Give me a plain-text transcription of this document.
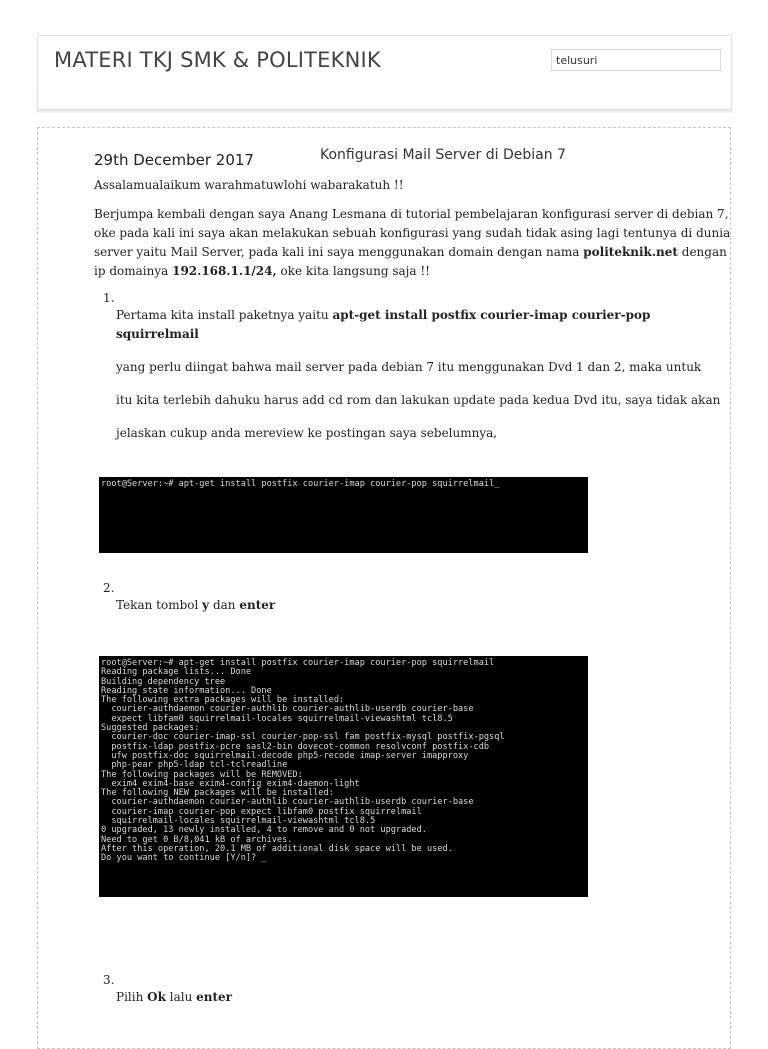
MATERI TKJ SMK & POLITEKNIK
telusuri
29th December 2017	Konfigurasi Mail Server di Debian 7

Assalamualaikum warahmatuwlohi wabarakatuh !!

Berjumpa kembali dengan saya Anang Lesmana di tutorial pembelajaran konfigurasi server di debian 7, oke pada kali ini saya akan melakukan sebuah konfigurasi yang sudah tidak asing lagi tentunya di dunia server yaitu Mail Server, pada kali ini saya menggunakan domain dengan nama politeknik.net dengan ip domainya 192.168.1.1/24, oke kita langsung saja !!

1.

Pertama kita install paketnya yaitu apt-get install postfix courier-imap courier-pop squirrelmail

yang perlu diingat bahwa mail server pada debian 7 itu menggunakan Dvd 1 dan 2, maka untuk

itu kita terlebih dahuku harus add cd rom dan lakukan update pada kedua Dvd itu, saya tidak akan

jelaskan cukup anda mereview ke postingan saya sebelumnya,

root@Server:~# apt-get install postfix courier-imap courier-pop squirrelmail_
2.

Tekan tombol y dan enter

root@Server:~# apt-get install postfix courier-imap courier-pop squirrelmail
Reading package lists... Done
Building dependency tree
Reading state information... Done
The following extra packages will be installed:
courier-authdaemon courier-authlib courier-authlib-userdb courier-base
expect libfam0 squirrelmail-locales squirrelmail-viewashtml tcl8.5
Suggested packages:
courier-doc courier-imap-ssl courier-pop-ssl fam postfix-mysql postfix-pgsql
postfix-ldap postfix-pcre sasl2-bin dovecot-common resolvconf postfix-cdb
ufw postfix-doc squirrelmail-decode php5-recode imap-server imapproxy
php-pear php5-ldap tcl-tclreadline
The following packages will be REMOVED:
exim4 exim4-base exim4-config exim4-daemon-light
The following NEW packages will be installed:
courier-authdaemon courier-authlib courier-authlib-userdb courier-base
courier-imap courier-pop expect libfam0 postfix squirrelmail
squirrelmail-locales squirrelmail-viewashtml tcl8.5
0 upgraded, 13 newly installed, 4 to remove and 0 not upgraded.
Need to get 0 B/8,041 kB of archives.
After this operation, 20.1 MB of additional disk space will be used.
Do you want to continue [Y/n]? _
3.

Pilih Ok lalu enter
